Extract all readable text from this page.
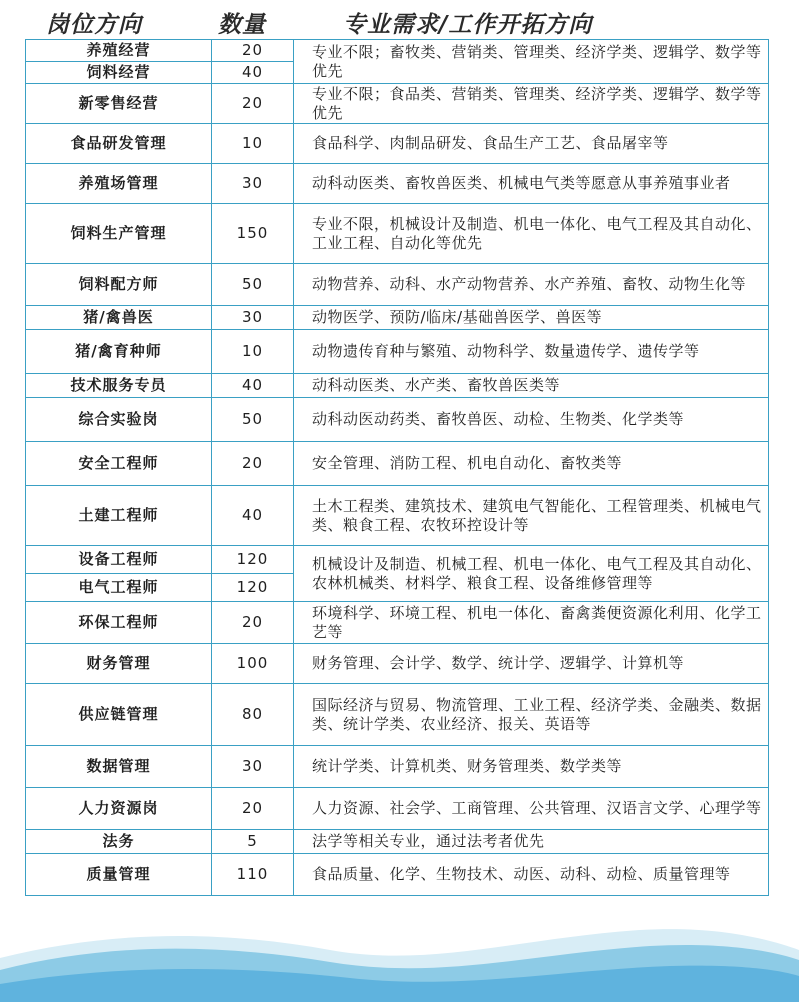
岗位方向	数量	专业需求/工作开拓方向
养殖经营	20	专业不限；畜牧类、营销类、管理类、经济学类、逻辑学、数学等优先
饲料经营	40	
新零售经营	20	专业不限；食品类、营销类、管理类、经济学类、逻辑学、数学等优先
食品研发管理	10	食品科学、肉制品研发、食品生产工艺、食品屠宰等
养殖场管理	30	动科动医类、畜牧兽医类、机械电气类等愿意从事养殖事业者
饲料生产管理	150	专业不限，机械设计及制造、机电一体化、电气工程及其自动化、工业工程、自动化等优先
饲料配方师	50	动物营养、动科、水产动物营养、水产养殖、畜牧、动物生化等
猪/禽兽医	30	动物医学、预防/临床/基础兽医学、兽医等
猪/禽育种师	10	动物遗传育种与繁殖、动物科学、数量遗传学、遗传学等
技术服务专员	40	动科动医类、水产类、畜牧兽医类等
综合实验岗	50	动科动医动药类、畜牧兽医、动检、生物类、化学类等
安全工程师	20	安全管理、消防工程、机电自动化、畜牧类等
土建工程师	40	土木工程类、建筑技术、建筑电气智能化、工程管理类、机械电气类、粮食工程、农牧环控设计等
设备工程师	120	机械设计及制造、机械工程、机电一体化、电气工程及其自动化、农林机械类、材料学、粮食工程、设备维修管理等
电气工程师	120	
环保工程师	20	环境科学、环境工程、机电一体化、畜禽粪便资源化利用、化学工艺等
财务管理	100	财务管理、会计学、数学、统计学、逻辑学、计算机等
供应链管理	80	国际经济与贸易、物流管理、工业工程、经济学类、金融类、数据类、统计学类、农业经济、报关、英语等
数据管理	30	统计学类、计算机类、财务管理类、数学类等
人力资源岗	20	人力资源、社会学、工商管理、公共管理、汉语言文学、心理学等
法务	5	法学等相关专业，通过法考者优先
质量管理	110	食品质量、化学、生物技术、动医、动科、动检、质量管理等
